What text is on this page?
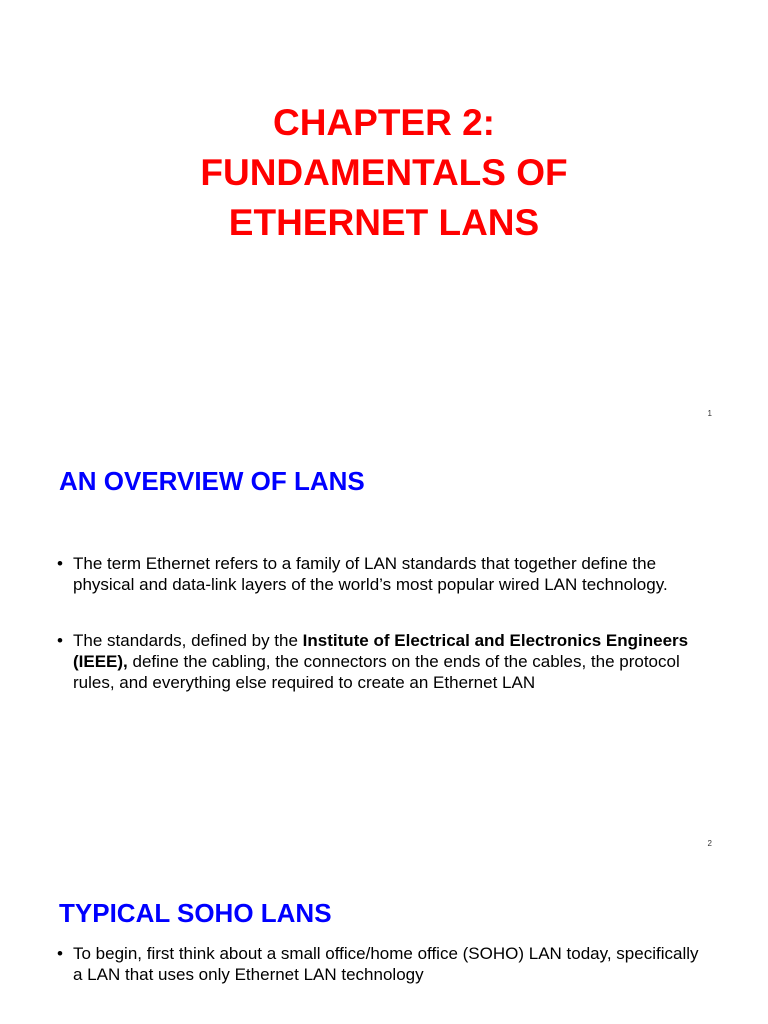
CHAPTER 2:
FUNDAMENTALS OF
ETHERNET LANS
1
AN OVERVIEW OF LANS
• The term Ethernet refers to a family of LAN standards that together define the physical and data-link layers of the world’s most popular wired LAN technology.
• The standards, defined by the Institute of Electrical and Electronics Engineers (IEEE), define the cabling, the connectors on the ends of the cables, the protocol rules, and everything else required to create an Ethernet LAN
2
TYPICAL SOHO LANS
• To begin, first think about a small office/home office (SOHO) LAN today, specifically a LAN that uses only Ethernet LAN technology
